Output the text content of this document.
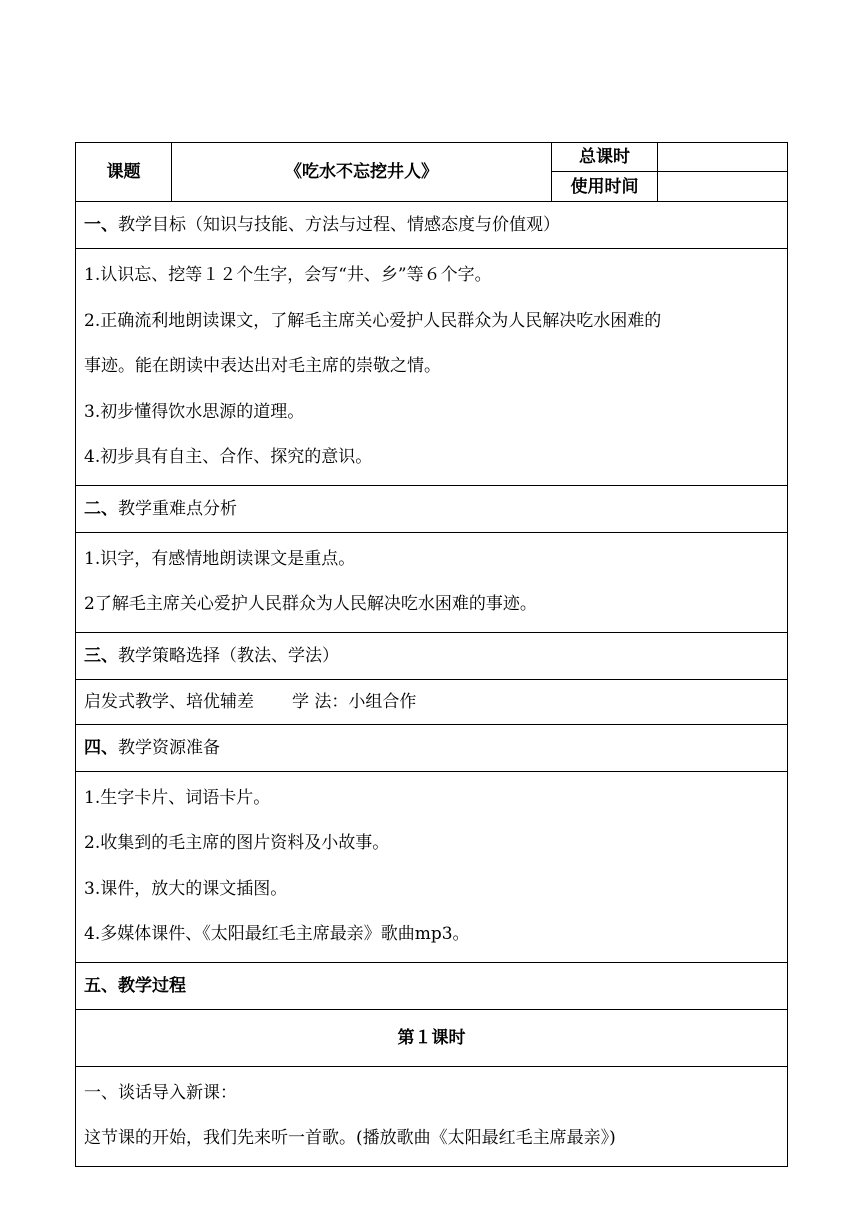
课题	《吃水不忘挖井人》	总课时	
		使用时间	
一、教学目标（知识与技能、方法与过程、情感态度与价值观）			

1.认识忘、挖等１２个生字，会写“井、乡”等６个字。
2.正确流利地朗读课文，了解毛主席关心爱护人民群众为人民解决吃水困难的
事迹。能在朗读中表达出对毛主席的崇敬之情。
3.初步懂得饮水思源的道理。
4.初步具有自主、合作、探究的意识。			

二、教学重难点分析			

1.识字，有感情地朗读课文是重点。
2了解毛主席关心爱护人民群众为人民解决吃水困难的事迹。			

三、教学策略选择（教法、学法）			
启发式教学、培优辅差 学 法：小组合作			
四、教学资源准备			

1.生字卡片、词语卡片。
2.收集到的毛主席的图片资料及小故事。
3.课件，放大的课文插图。
4.多媒体课件、《太阳最红毛主席最亲》歌曲mp3。			

五、教学过程			
第１课时			

一、谈话导入新课：
这节课的开始，我们先来听一首歌。(播放歌曲《太阳最红毛主席最亲》)			
